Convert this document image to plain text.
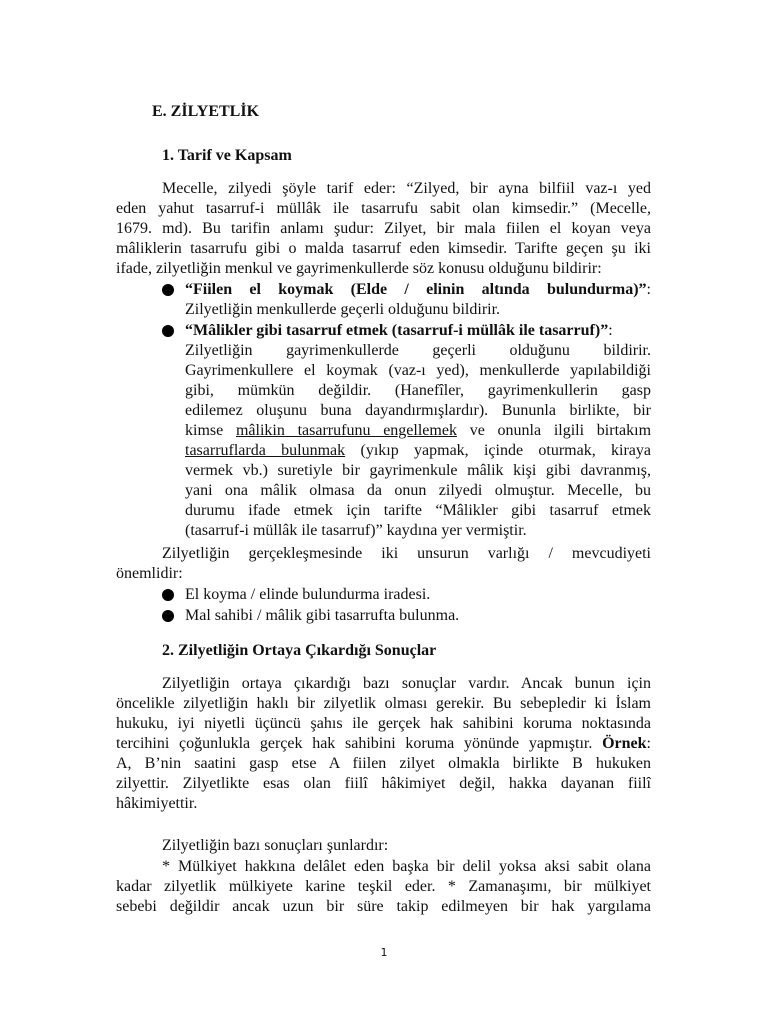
E. ZİLYETLİK
1. Tarif ve Kapsam
Mecelle, zilyedi şöyle tarif eder: “Zilyed, bir ayna bilfiil vaz-ı yed
eden yahut tasarruf-i müllâk ile tasarrufu sabit olan kimsedir.” (Mecelle,
1679. md). Bu tarifin anlamı şudur: Zilyet, bir mala fiilen el koyan veya
mâliklerin tasarrufu gibi o malda tasarruf eden kimsedir. Tarifte geçen şu iki
ifade, zilyetliğin menkul ve gayrimenkullerde söz konusu olduğunu bildirir:
“Fiilen el koymak (Elde / elinin altında bulundurma)”:
Zilyetliğin menkullerde geçerli olduğunu bildirir.
“Mâlikler gibi tasarruf etmek (tasarruf-i müllâk ile tasarruf)”:
Zilyetliğin gayrimenkullerde geçerli olduğunu bildirir.
Gayrimenkullere el koymak (vaz-ı yed), menkullerde yapılabildiği
gibi, mümkün değildir. (Hanefîler, gayrimenkullerin gasp
edilemez oluşunu buna dayandırmışlardır). Bununla birlikte, bir
kimse mâlikin tasarrufunu engellemek ve onunla ilgili birtakım
tasarruflarda bulunmak (yıkıp yapmak, içinde oturmak, kiraya
vermek vb.) suretiyle bir gayrimenkule mâlik kişi gibi davranmış,
yani ona mâlik olmasa da onun zilyedi olmuştur. Mecelle, bu
durumu ifade etmek için tarifte “Mâlikler gibi tasarruf etmek
(tasarruf-i müllâk ile tasarruf)” kaydına yer vermiştir.
Zilyetliğin gerçekleşmesinde iki unsurun varlığı / mevcudiyeti
önemlidir:
El koyma / elinde bulundurma iradesi.
Mal sahibi / mâlik gibi tasarrufta bulunma.
2. Zilyetliğin Ortaya Çıkardığı Sonuçlar
Zilyetliğin ortaya çıkardığı bazı sonuçlar vardır. Ancak bunun için
öncelikle zilyetliğin haklı bir zilyetlik olması gerekir. Bu sebepledir ki İslam
hukuku, iyi niyetli üçüncü şahıs ile gerçek hak sahibini koruma noktasında
tercihini çoğunlukla gerçek hak sahibini koruma yönünde yapmıştır. Örnek:
A, B’nin saatini gasp etse A fiilen zilyet olmakla birlikte B hukuken
zilyettir. Zilyetlikte esas olan fiilî hâkimiyet değil, hakka dayanan fiilî
hâkimiyettir.
Zilyetliğin bazı sonuçları şunlardır:
* Mülkiyet hakkına delâlet eden başka bir delil yoksa aksi sabit olana
kadar zilyetlik mülkiyete karine teşkil eder. * Zamanaşımı, bir mülkiyet
sebebi değildir ancak uzun bir süre takip edilmeyen bir hak yargılama
1
